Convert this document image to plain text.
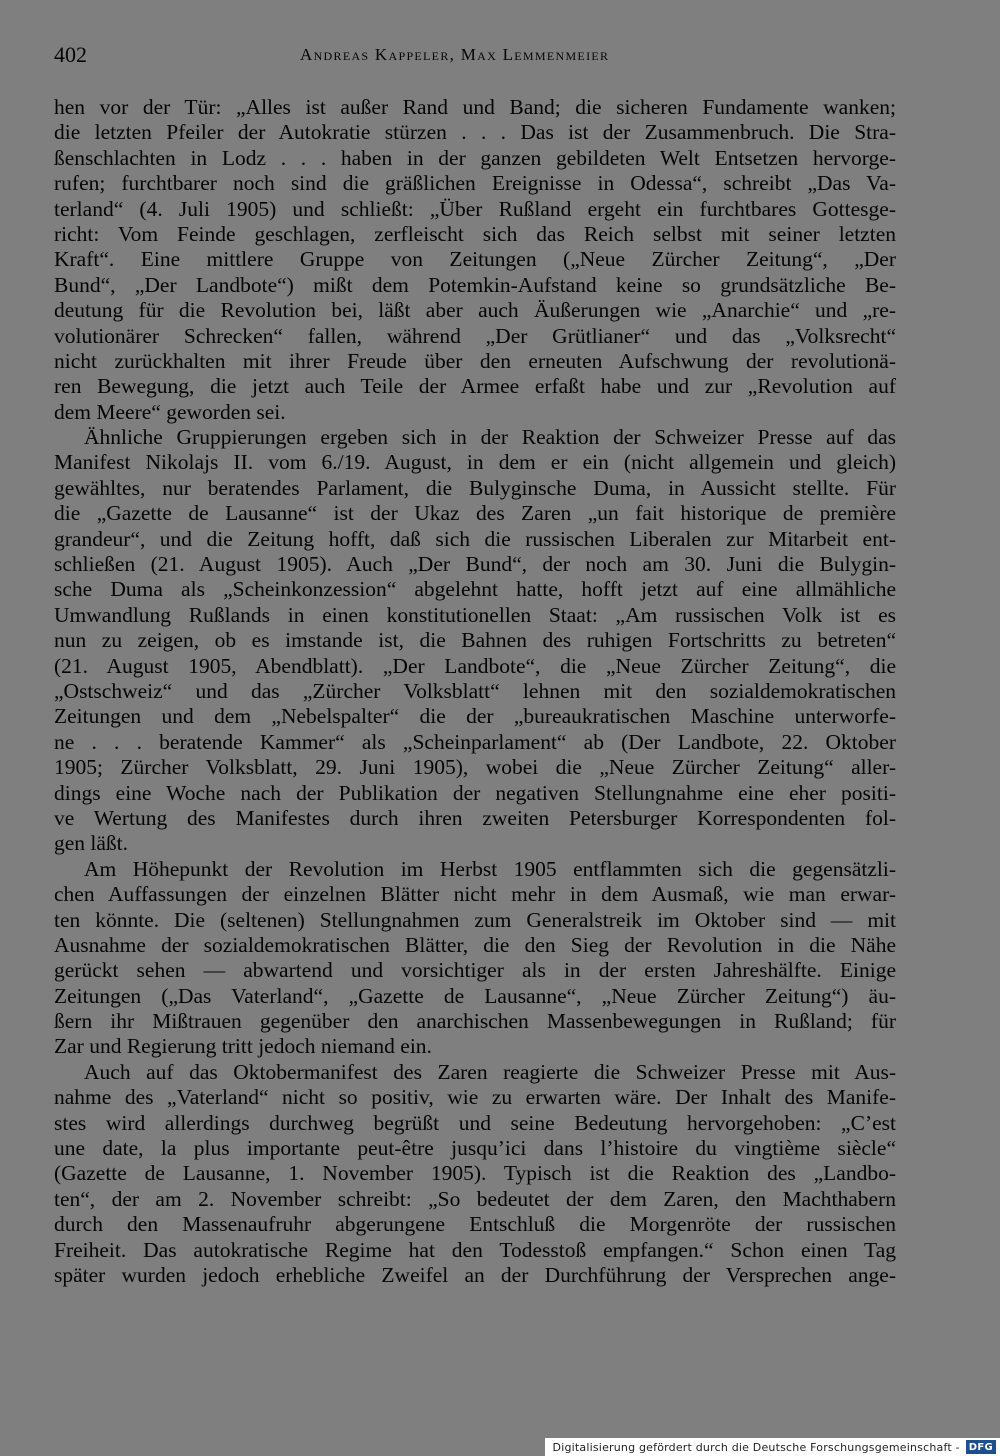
402	Andreas Kappeler, Max Lemmenmeier
hen vor der Tür: „Alles ist außer Rand und Band; die sicheren Fundamente wanken;
die letzten Pfeiler der Autokratie stürzen . . . Das ist der Zusammenbruch. Die Stra-
ßenschlachten in Lodz . . . haben in der ganzen gebildeten Welt Entsetzen hervorge-
rufen; furchtbarer noch sind die gräßlichen Ereignisse in Odessa“, schreibt „Das Va-
terland“ (4. Juli 1905) und schließt: „Über Rußland ergeht ein furchtbares Gottesge-
richt: Vom Feinde geschlagen, zerfleischt sich das Reich selbst mit seiner letzten
Kraft“. Eine mittlere Gruppe von Zeitungen („Neue Zürcher Zeitung“, „Der
Bund“, „Der Landbote“) mißt dem Potemkin-Aufstand keine so grundsätzliche Be-
deutung für die Revolution bei, läßt aber auch Äußerungen wie „Anarchie“ und „re-
volutionärer Schrecken“ fallen, während „Der Grütlianer“ und das „Volksrecht“
nicht zurückhalten mit ihrer Freude über den erneuten Aufschwung der revolutionä-
ren Bewegung, die jetzt auch Teile der Armee erfaßt habe und zur „Revolution auf
dem Meere“ geworden sei.
Ähnliche Gruppierungen ergeben sich in der Reaktion der Schweizer Presse auf das
Manifest Nikolajs II. vom 6./19. August, in dem er ein (nicht allgemein und gleich)
gewähltes, nur beratendes Parlament, die Bulyginsche Duma, in Aussicht stellte. Für
die „Gazette de Lausanne“ ist der Ukaz des Zaren „un fait historique de première
grandeur“, und die Zeitung hofft, daß sich die russischen Liberalen zur Mitarbeit ent-
schließen (21. August 1905). Auch „Der Bund“, der noch am 30. Juni die Bulygin-
sche Duma als „Scheinkonzession“ abgelehnt hatte, hofft jetzt auf eine allmähliche
Umwandlung Rußlands in einen konstitutionellen Staat: „Am russischen Volk ist es
nun zu zeigen, ob es imstande ist, die Bahnen des ruhigen Fortschritts zu betreten“
(21. August 1905, Abendblatt). „Der Landbote“, die „Neue Zürcher Zeitung“, die
„Ostschweiz“ und das „Zürcher Volksblatt“ lehnen mit den sozialdemokratischen
Zeitungen und dem „Nebelspalter“ die der „bureaukratischen Maschine unterworfe-
ne . . . beratende Kammer“ als „Scheinparlament“ ab (Der Landbote, 22. Oktober
1905; Zürcher Volksblatt, 29. Juni 1905), wobei die „Neue Zürcher Zeitung“ aller-
dings eine Woche nach der Publikation der negativen Stellungnahme eine eher positi-
ve Wertung des Manifestes durch ihren zweiten Petersburger Korrespondenten fol-
gen läßt.
Am Höhepunkt der Revolution im Herbst 1905 entflammten sich die gegensätzli-
chen Auffassungen der einzelnen Blätter nicht mehr in dem Ausmaß, wie man erwar-
ten könnte. Die (seltenen) Stellungnahmen zum Generalstreik im Oktober sind — mit
Ausnahme der sozialdemokratischen Blätter, die den Sieg der Revolution in die Nähe
gerückt sehen — abwartend und vorsichtiger als in der ersten Jahreshälfte. Einige
Zeitungen („Das Vaterland“, „Gazette de Lausanne“, „Neue Zürcher Zeitung“) äu-
ßern ihr Mißtrauen gegenüber den anarchischen Massenbewegungen in Rußland; für
Zar und Regierung tritt jedoch niemand ein.
Auch auf das Oktobermanifest des Zaren reagierte die Schweizer Presse mit Aus-
nahme des „Vaterland“ nicht so positiv, wie zu erwarten wäre. Der Inhalt des Manife-
stes wird allerdings durchweg begrüßt und seine Bedeutung hervorgehoben: „C’est
une date, la plus importante peut-être jusqu’ici dans l’histoire du vingtième siècle“
(Gazette de Lausanne, 1. November 1905). Typisch ist die Reaktion des „Landbo-
ten“, der am 2. November schreibt: „So bedeutet der dem Zaren, den Machthabern
durch den Massenaufruhr abgerungene Entschluß die Morgenröte der russischen
Freiheit. Das autokratische Regime hat den Todesstoß empfangen.“ Schon einen Tag
später wurden jedoch erhebliche Zweifel an der Durchführung der Versprechen ange-
Digitalisierung gefördert durch die Deutsche Forschungsgemeinschaft - DFG
